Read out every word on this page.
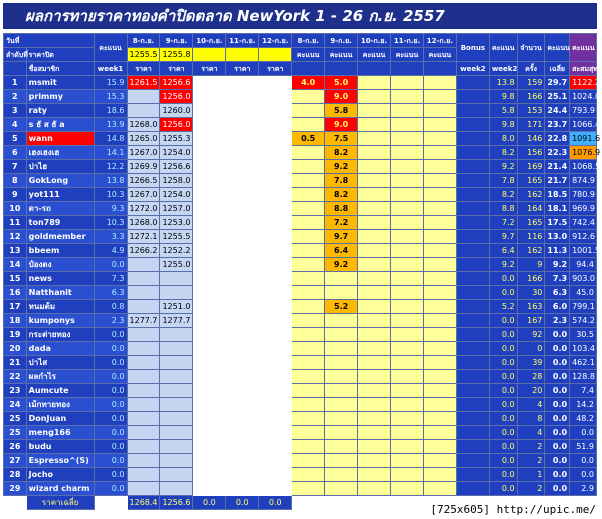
ผลการทายราคาทองคำปิดตลาด NewYork 1 - 26 ก.ย. 2557
วันที่		คะแนน	8-ก.ย.	9-ก.ย.	10-ก.ย.	11-ก.ย.	12-ก.ย.	8-ก.ย.	9-ก.ย.	10-ก.ย.	11-ก.ย.	12-ก.ย.	Bonus	คะแนน	จำนวน	คะแนน	คะแนน
ลำดับที่	ราคาปิด		1255.5	1255.8				คะแนน	คะแนน	คะแนน	คะแนน	คะแนน					
	ชื่อสมาชิก	week1	ราคา	ราคา	ราคา	ราคา	ราคา						week2	week2	ครั้ง	เฉลี่ย	สะสมสุทธิ
1	msmit	15.9	1261.5	1256.6				4.0	5.0					13.8	159	29.7	1122.2
2	primmy	15.3		1256.0					9.0					9.8	166	25.1	1024.0
3	raty	18.6		1260.0					5.8					5.8	153	24.4	793.9
4	s ธั ส ธั a	13.9	1268.0	1256.0					9.0					9.8	171	23.7	1066.4
5	wann	14.8	1265.0	1255.3				0.5	7.5					8.0	146	22.8	1091.6
6	เฮงเฮงเฮ	14.1	1267.0	1254.0					8.2					8.2	156	22.3	1076.9
7	ปาไฮ	12.2	1269.9	1256.6					9.2					9.2	169	21.4	1068.5
8	GokLong	13.8	1266.5	1258.0					7.8					7.8	165	21.7	874.9
9	yot111	10.3	1267.0	1254.0					8.2					8.2	162	18.5	780.9
10	ตา-รถ	9.3	1272.0	1257.0					8.8					8.8	164	18.1	969.9
11	ton789	10.3	1268.0	1253.0					7.2					7.2	165	17.5	742.4
12	goldmember	3.3	1272.1	1255.5					9.7					9.7	116	13.0	912.6
13	bbeem	4.9	1266.2	1252.2					6.4					6.4	162	11.3	1001.5
14	ป๋องดง	0.0		1255.0					9.2					9.2	9	9.2	94.4
15	news	7.3												0.0	166	7.3	903.0
16	Natthanit	6.3												0.0	30	6.3	45.0
17	หนมต้ม	0.8		1251.0					5.2					5.2	163	6.0	799.1
18	kumponys	2.3	1277.7	1277.7										0.0	167	2.3	574.2
19	กระต่ายทอง	0.0												0.0	92	0.0	30.5
20	dada	0.0												0.0	0	0.0	103.4
21	ปาไส	0.0												0.0	39	0.0	462.1
22	ผลกำไร	0.0												0.0	28	0.0	128.8
23	Aumcute	0.0												0.0	20	0.0	7.4
24	เม้กทายทอง	0.0												0.0	4	0.0	14.2
25	DonJuan	0.0												0.0	8	0.0	48.2
25	meng166	0.0												0.0	4	0.0	0.0
26	budu	0.0												0.0	2	0.0	51.9
27	Espresso^(S)	0.0												0.0	2	0.0	0.0
28	Jocho	0.0												0.0	1	0.0	0.0
29	wizard charm	0.0												0.0	2	0.0	2.9
	ราคาเฉลี่ย		1268.4	1256.6	0.0	0.0	0.0										
[725x605] http://upic.me/
